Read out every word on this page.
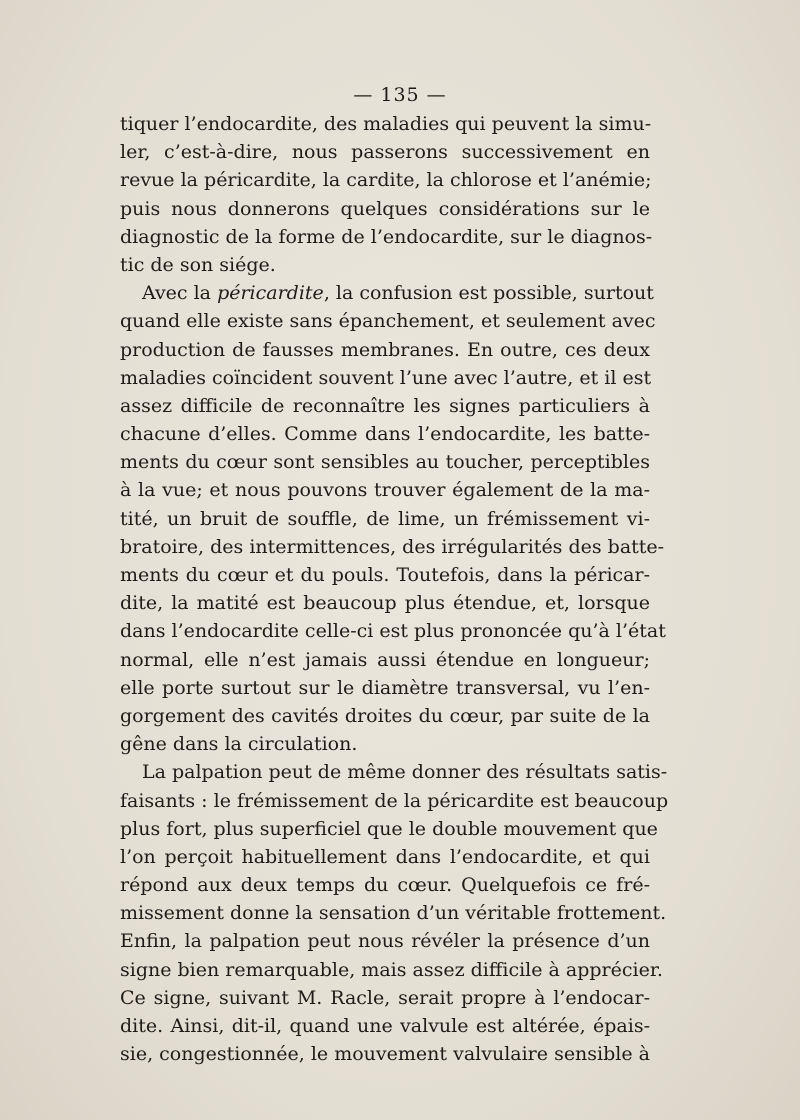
— 135 —
tiquer l’endocardite, des maladies qui peuvent la simu-
ler, c’est-à-dire, nous passerons successivement en
revue la péricardite, la cardite, la chlorose et l’anémie;
puis nous donnerons quelques considérations sur le
diagnostic de la forme de l’endocardite, sur le diagnos-
tic de son siége.
Avec la péricardite, la confusion est possible, surtout
quand elle existe sans épanchement, et seulement avec
production de fausses membranes. En outre, ces deux
maladies coïncident souvent l’une avec l’autre, et il est
assez difficile de reconnaître les signes particuliers à
chacune d’elles. Comme dans l’endocardite, les batte-
ments du cœur sont sensibles au toucher, perceptibles
à la vue; et nous pouvons trouver également de la ma-
tité, un bruit de souffle, de lime, un frémissement vi-
bratoire, des intermittences, des irrégularités des batte-
ments du cœur et du pouls. Toutefois, dans la péricar-
dite, la matité est beaucoup plus étendue, et, lorsque
dans l’endocardite celle-ci est plus prononcée qu’à l’état
normal, elle n’est jamais aussi étendue en longueur;
elle porte surtout sur le diamètre transversal, vu l’en-
gorgement des cavités droites du cœur, par suite de la
gêne dans la circulation.
La palpation peut de même donner des résultats satis-
faisants : le frémissement de la péricardite est beaucoup
plus fort, plus superficiel que le double mouvement que
l’on perçoit habituellement dans l’endocardite, et qui
répond aux deux temps du cœur. Quelquefois ce fré-
missement donne la sensation d’un véritable frottement.
Enfin, la palpation peut nous révéler la présence d’un
signe bien remarquable, mais assez difficile à apprécier.
Ce signe, suivant M. Racle, serait propre à l’endocar-
dite. Ainsi, dit-il, quand une valvule est altérée, épais-
sie, congestionnée, le mouvement valvulaire sensible à
